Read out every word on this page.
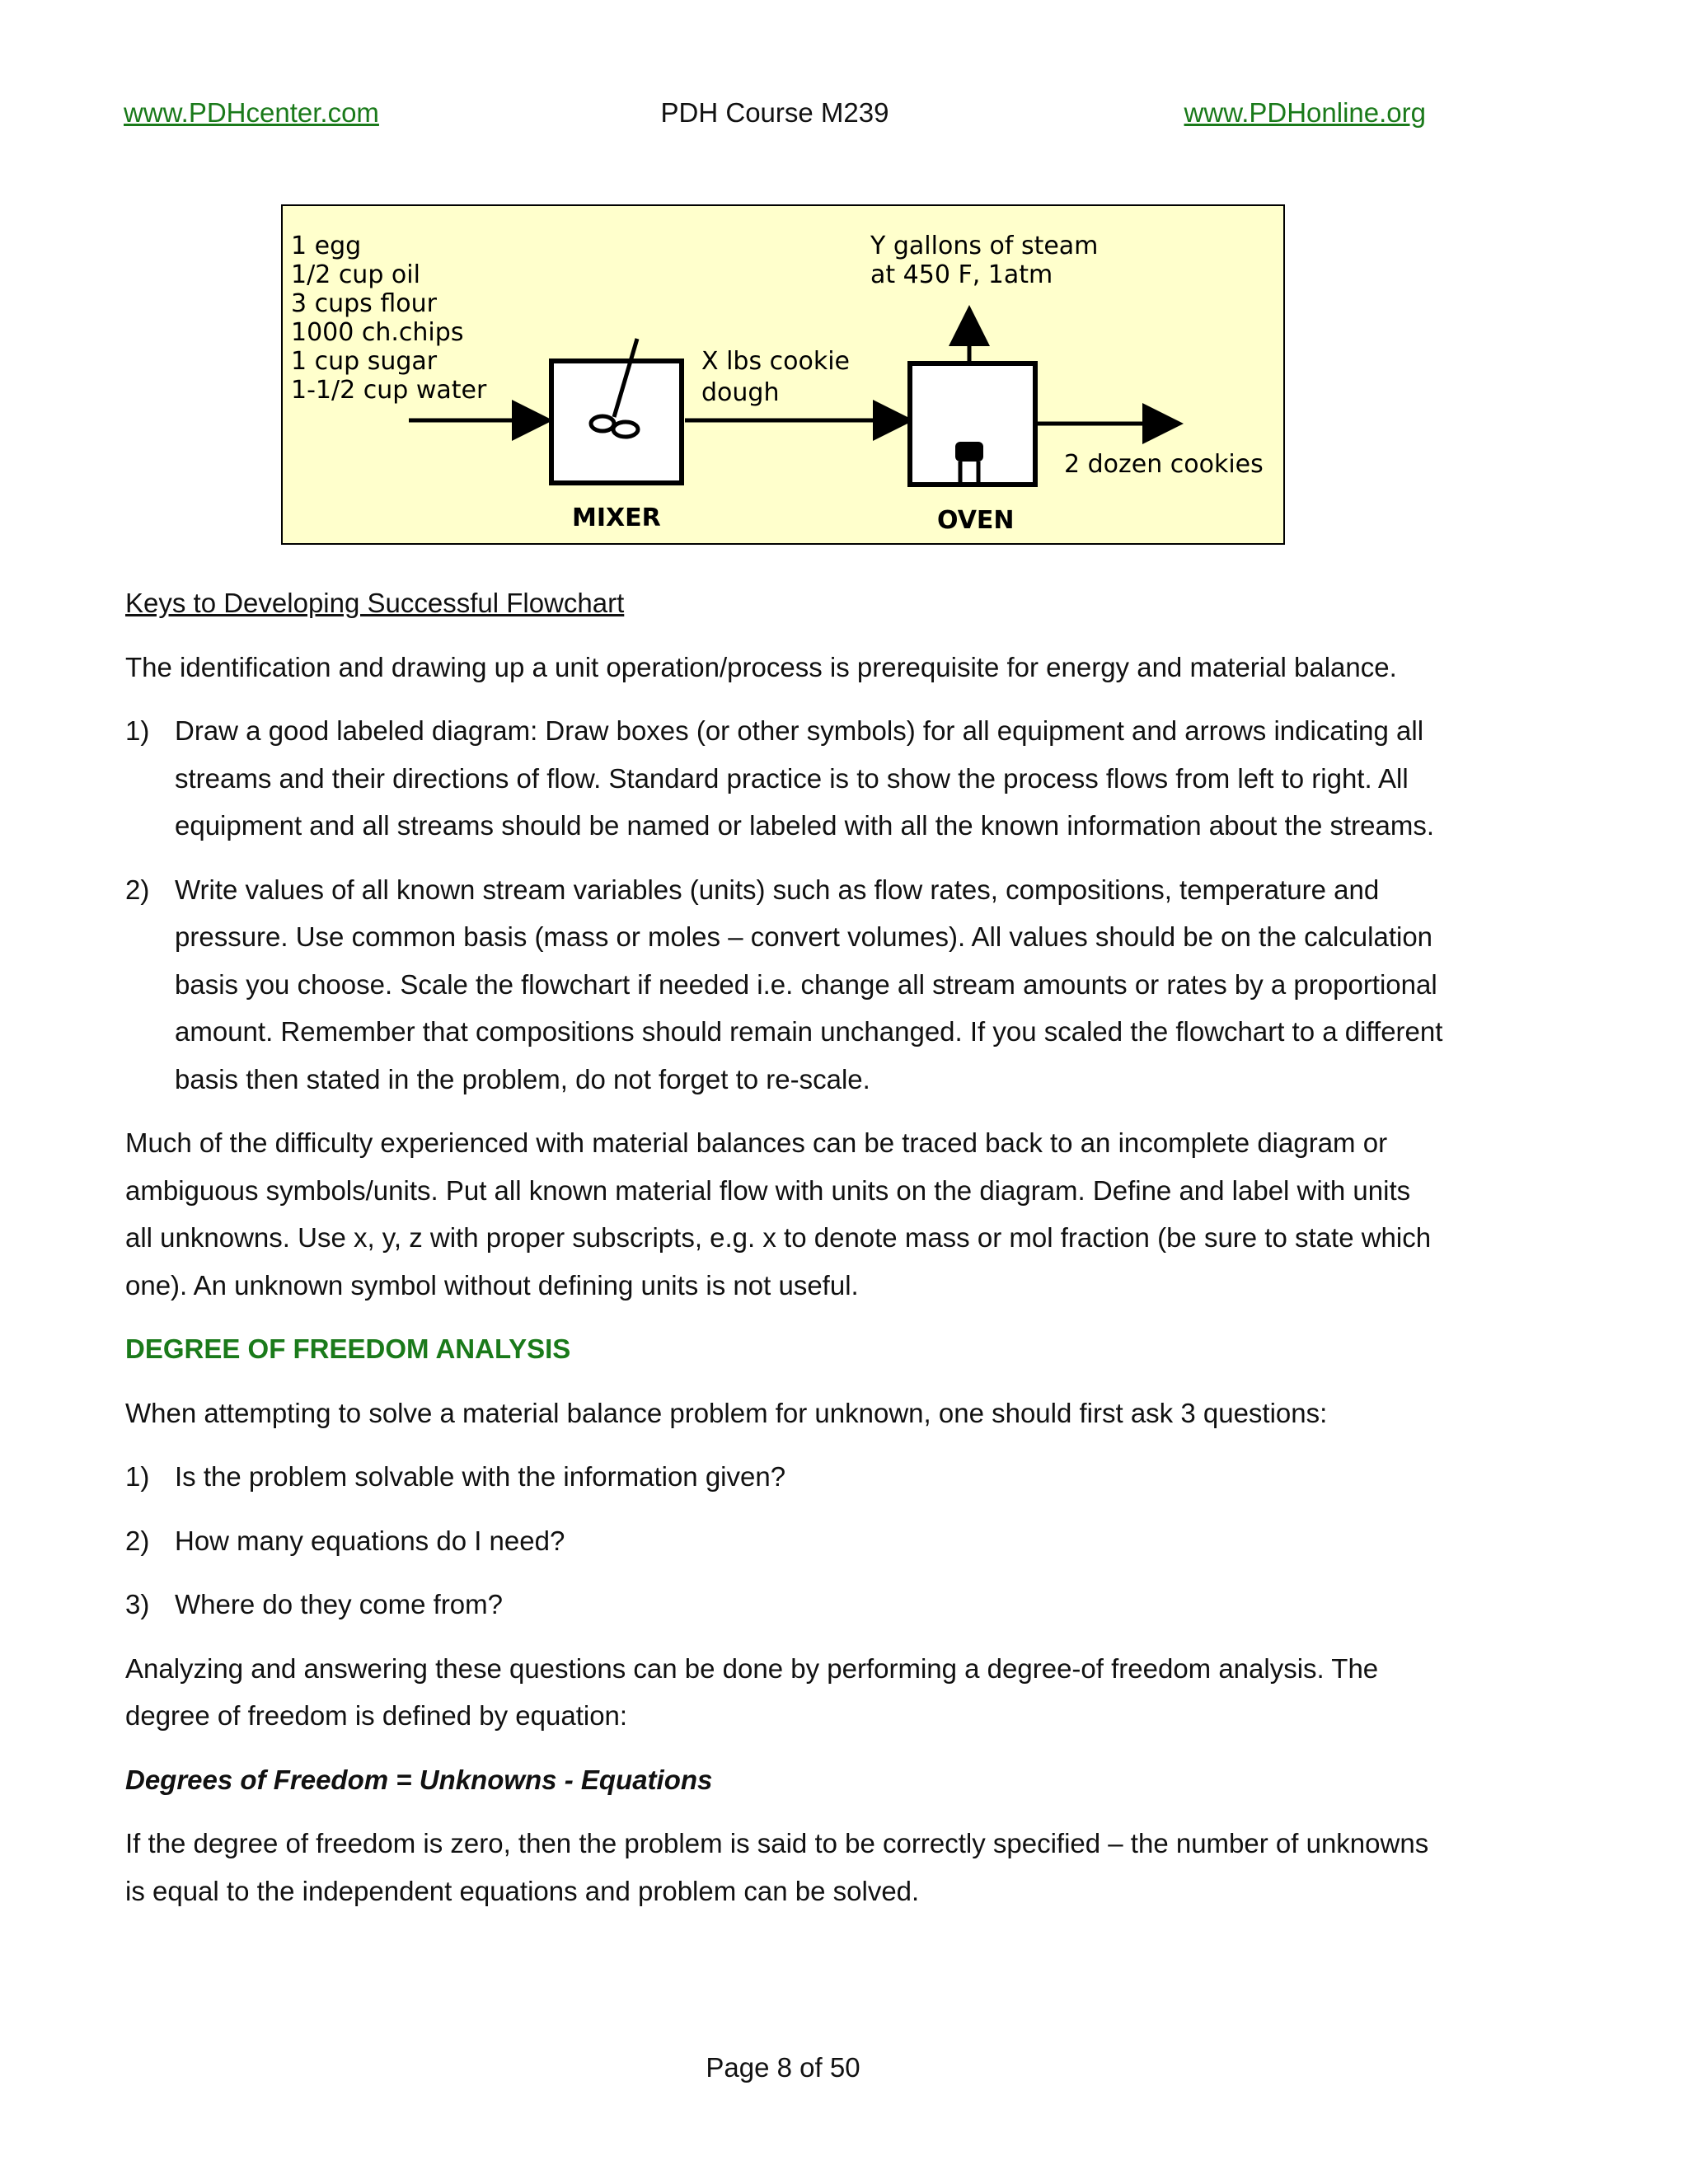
www.PDHcenter.com	PDH Course M239	www.PDHonline.org
1 egg
1/2 cup oil
3 cups flour
1000 ch.chips
1 cup sugar
1-1/2 cup water
MIXER
X lbs cookie
dough
OVEN
Y gallons of steam
at 450 F, 1atm
2 dozen cookies

Keys to Developing Successful Flowchart

The identification and drawing up a unit operation/process is prerequisite for energy and material balance.

1) Draw a good labeled diagram: Draw boxes (or other symbols) for all equipment and arrows indicating all streams and their directions of flow. Standard practice is to show the process flows from left to right. All equipment and all streams should be named or labeled with all the known information about the streams.
2) Write values of all known stream variables (units) such as flow rates, compositions, temperature and pressure. Use common basis (mass or moles – convert volumes). All values should be on the calculation basis you choose. Scale the flowchart if needed i.e. change all stream amounts or rates by a proportional amount. Remember that compositions should remain unchanged. If you scaled the flowchart to a different basis then stated in the problem, do not forget to re-scale.

Much of the difficulty experienced with material balances can be traced back to an incomplete diagram or ambiguous symbols/units. Put all known material flow with units on the diagram. Define and label with units all unknowns. Use x, y, z with proper subscripts, e.g. x to denote mass or mol fraction (be sure to state which one). An unknown symbol without defining units is not useful.

DEGREE OF FREEDOM ANALYSIS

When attempting to solve a material balance problem for unknown, one should first ask 3 questions:

1) Is the problem solvable with the information given?
2) How many equations do I need?
3) Where do they come from?

Analyzing and answering these questions can be done by performing a degree-of freedom analysis. The degree of freedom is defined by equation:

Degrees of Freedom = Unknowns - Equations

If the degree of freedom is zero, then the problem is said to be correctly specified – the number of unknowns is equal to the independent equations and problem can be solved.

Page 8 of 50
